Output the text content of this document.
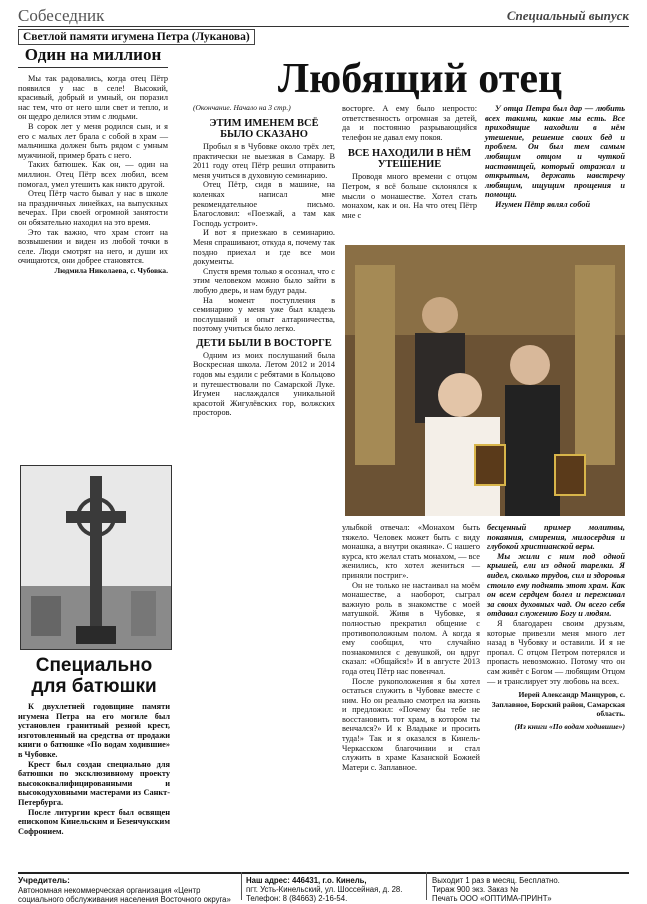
Собеседник	Специальный выпуск
Светлой памяти игумена Петра (Луканова)
Один на миллион

Мы так радовались, когда отец Пётр появился у нас в селе! Высокий, красивый, добрый и умный, он поразил нас тем, что от него шли свет и тепло, и он щедро делился этим с людьми.

В сорок лет у меня родился сын, и я его с малых лет брала с собой в храм — мальчишка должен быть рядом с умным мужчиной, пример брать с него.

Таких батюшек. Как он, — один на миллион. Отец Пётр всех любил, всем помогал, умел утешить как никто другой.

Отец Пётр часто бывал у нас в школе на праздничных линейках, на выпускных вечерах. При своей огромной занятости он обязательно находил на это время.

Это так важно, что храм стоит на возвышении и виден из любой точки в селе. Люди смотрят на него, и души их очищаются, они добрее становятся.

Людмила Николаева, с. Чубовка.

Специально
для батюшки

К двухлетней годовщине памяти игумена Петра на его могиле был установлен гранитный резной крест, изготовленный на средства от продажи книги о батюшке «По водам ходившие» в Чубовке.

Крест был создан специально для батюшки по эксклюзивному проекту высококвалифицированными и высокодуховными мастерами из Санкт-Петербурга.

После литургии крест был освящен епископом Кинельским и Безенчукским Софронием.

Любящий отец
(Окончание. Начало на 3 стр.)
ЭТИМ ИМЕНЕМ ВСЁ БЫЛО СКАЗАНО

Пробыл я в Чубовке около трёх лет, практически не выезжая в Самару. В 2011 году отец Пётр решил отправить меня учиться в духовную семинарию.

Отец Пётр, сидя в машине, на коленках написал мне рекомендательное письмо. Благословил: «Поезжай, а там как Господь устроит».

И вот я приезжаю в семинарию. Меня спрашивают, откуда я, почему так поздно приехал и где все мои документы.

Спустя время только я осознал, что с этим человеком можно было зайти в любую дверь, и нам будут рады.

На момент поступления в семинарию у меня уже был кладезь послушаний и опыт алтарничества, поэтому учиться было легко.

ДЕТИ БЫЛИ В ВОСТОРГЕ

Одним из моих послушаний была Воскресная школа. Летом 2012 и 2014 годов мы ездили с ребятами в Кольцово и путешествовали по Самарской Луке. Игумен наслаждался уникальной красотой Жигулёвских гор, волжских просторов.

восторге. А ему было непросто: ответственность огромная за детей, да и постоянно разрывающийся телефон не давал ему покоя.

ВСЕ НАХОДИЛИ В НЁМ УТЕШЕНИЕ

Проводя много времени с отцом Петром, я всё больше склонялся к мысли о монашестве. Хотел стать монахом, как и он. На что отец Пётр мне с

У отца Петра был дар — любить всех такими, какие мы есть. Все приходящие находили в нём утешение, решение своих бед и проблем. Он был тем самым любящим отцом и чуткой наставницей, который отражал и открытым, держать навстречу любящим, ищущим прощения и помощи.

Игумен Пётр являл собой

улыбкой отвечал: «Монахом быть тяжело. Человек может быть с виду монашка, а внутри окаянка». С нашего курса, кто желал стать монахом, — все женились, кто хотел жениться — приняли постриг».

Он не только не настаивал на моём монашестве, а наоборот, сыграл важную роль в знакомстве с моей матушкой. Живя в Чубовке, я полностью прекратил общение с противоположным полом. А когда я ему сообщил, что случайно познакомился с девушкой, он вдруг сказал: «Общайся!» И в августе 2013 года отец Пётр нас повенчал.

После рукоположения я бы хотел остаться служить в Чубовке вместе с ним. Но он реально смотрел на жизнь и предложил: «Почему бы тебе не восстановить тот храм, в котором ты венчался?» И к Владыке и просить туда!» Так и я оказался в Кинель-Черкасском благочинии и стал служить в храме Казанской Божией Матери с. Заплавное.

бесценный пример молитвы, покаяния, смирения, милосердия и глубокой христианской веры.

Мы жили с ним под одной крышей, ели из одной тарелки. Я видел, сколько трудов, сил и здоровья стоило ему поднять этот храм. Как он всем сердцем болел и переживал за своих духовных чад. Он всего себя отдавал служению Богу и людям.

Я благодарен своим друзьям, которые привезли меня много лет назад в Чубовку и оставили. И я не пропал. С отцом Петром потерялся и пропасть невозможно. Потому что он сам живёт с Богом — любящим Отцом — и транслирует эту любовь на всех.

Иерей Александр Манцуров, с. Заплавное, Борский район, Самарская область.

(Из книги «По водам ходившие»)

Учредитель:
Автономная некоммерческая организация «Центр социального обслуживания населения Восточного округа»
Наш адрес: 446431, г.о. Кинель,
пгт. Усть-Кинельский, ул. Шоссейная, д. 28.
Телефон: 8 (84663) 2-16-54.
Выходит 1 раз в месяц. Бесплатно.
Тираж 900 экз. Заказ №
Печать ООО «ОПТИМА-ПРИНТ»
